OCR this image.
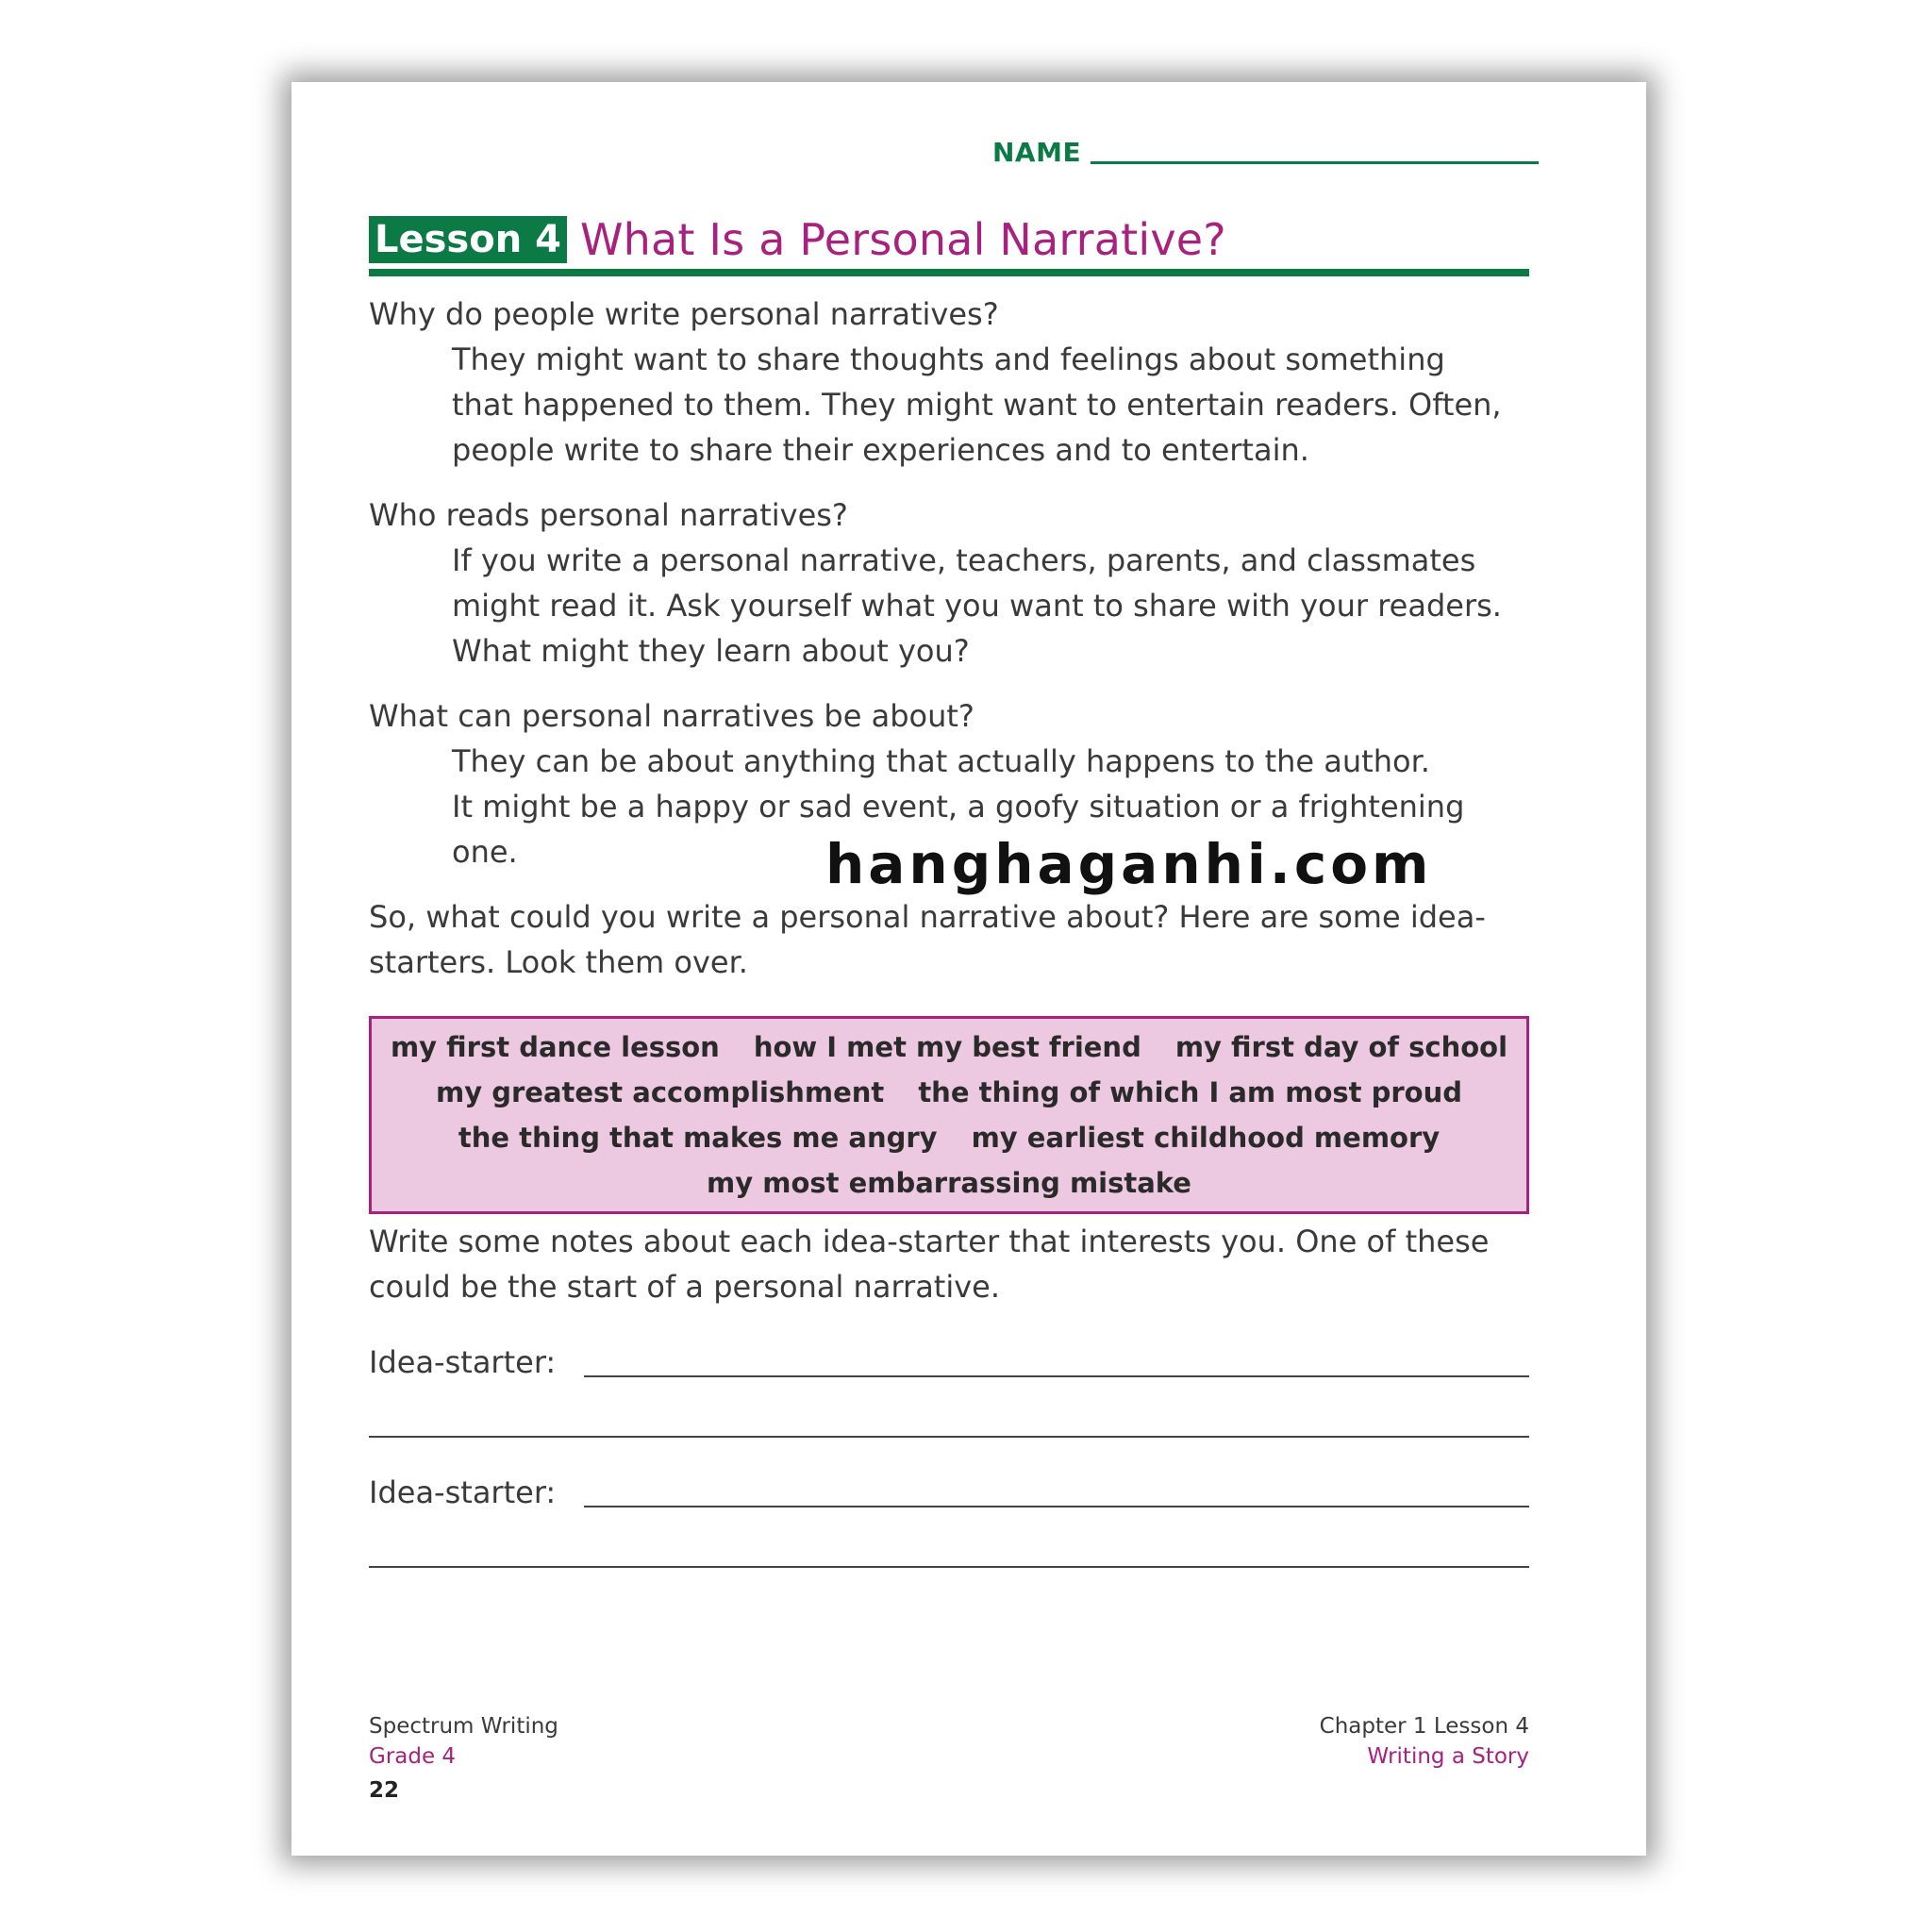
NAME
Lesson 4 What Is a Personal Narrative?

Why do people write personal narratives?

They might want to share thoughts and feelings about something

that happened to them. They might want to entertain readers. Often,

people write to share their experiences and to entertain.

Who reads personal narratives?

If you write a personal narrative, teachers, parents, and classmates

might read it. Ask yourself what you want to share with your readers.

What might they learn about you?

What can personal narratives be about?

They can be about anything that actually happens to the author.

It might be a happy or sad event, a goofy situation or a frightening

one.

So, what could you write a personal narrative about? Here are some idea-

starters. Look them over.

my first dance lesson how I met my best friend my first day of school
my greatest accomplishment the thing of which I am most proud
the thing that makes me angry my earliest childhood memory
my most embarrassing mistake

Write some notes about each idea-starter that interests you. One of these

could be the start of a personal narrative.

Idea-starter:
Idea-starter:
Spectrum Writing
Grade 4
22
Chapter 1 Lesson 4
Writing a Story
hanghaganhi.com
